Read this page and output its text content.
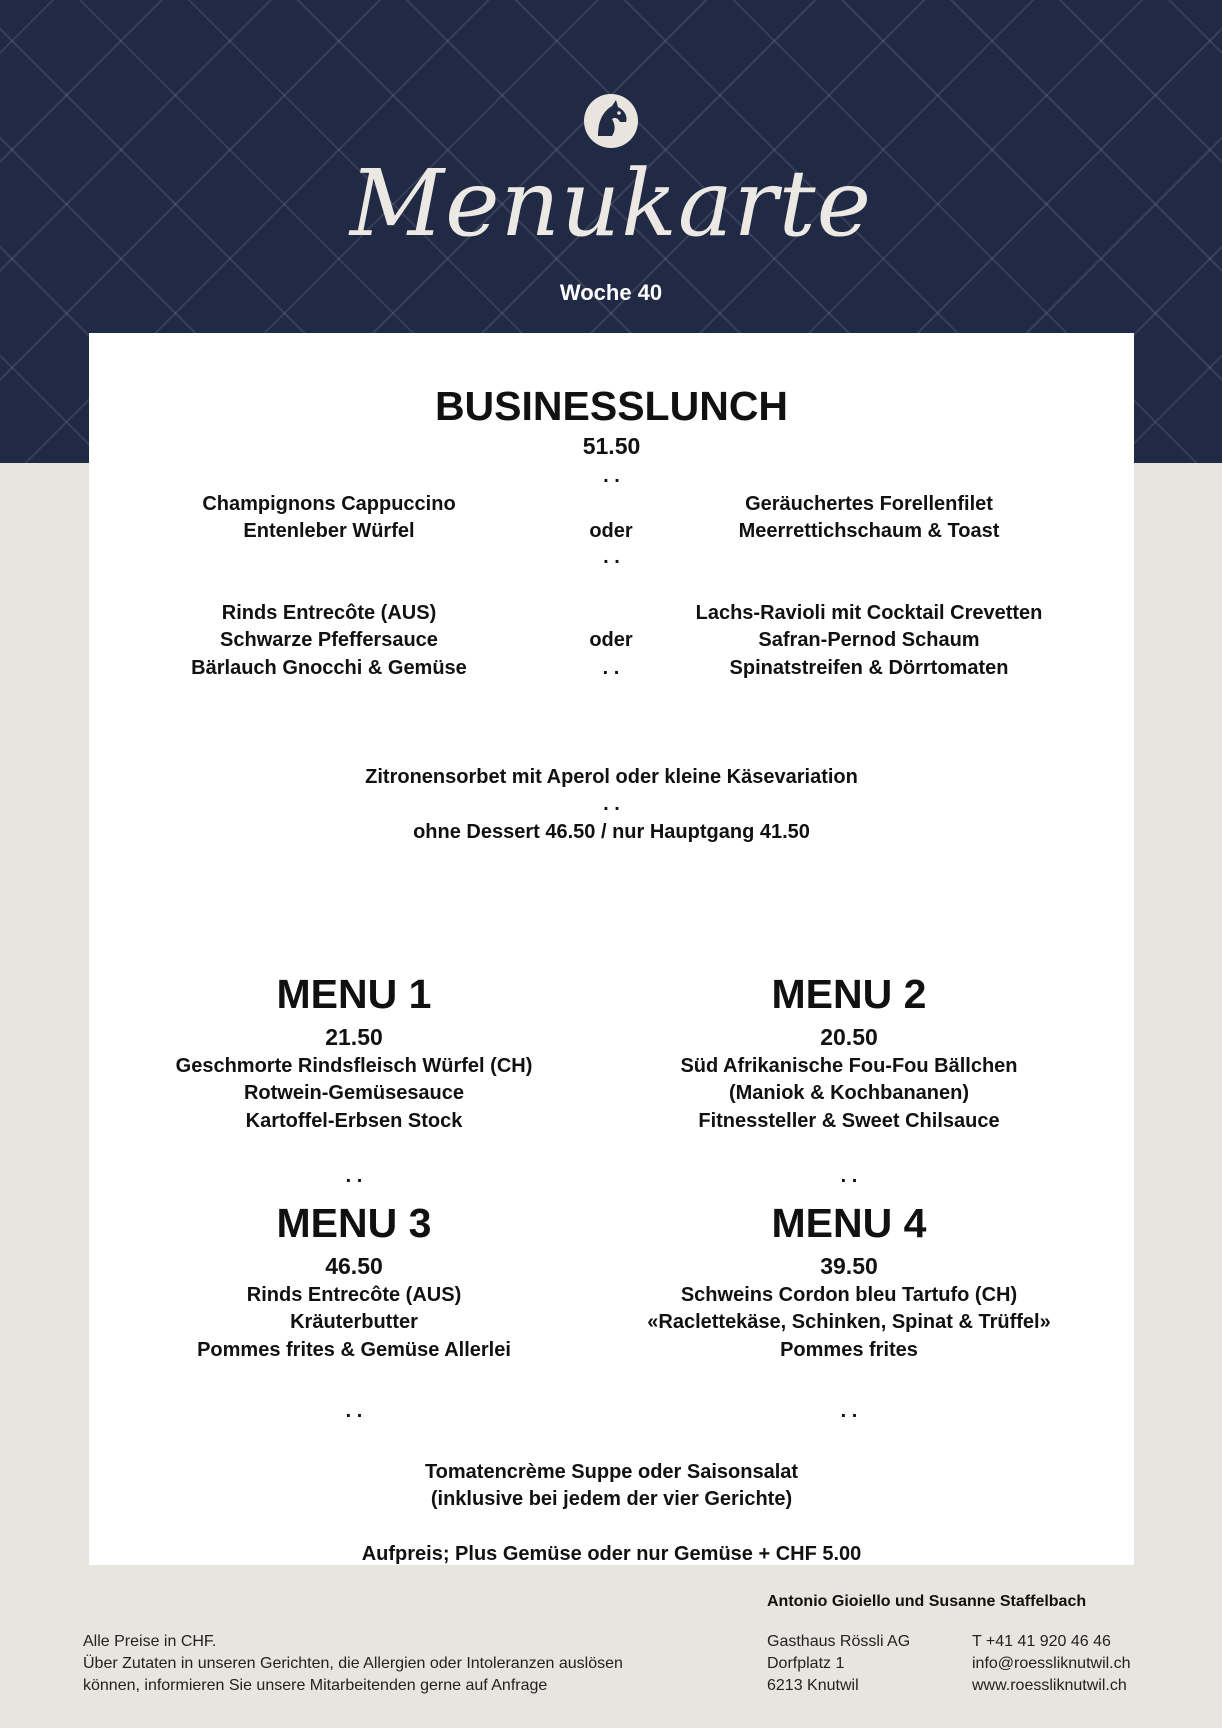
Menukarte
Woche 40
BUSINESSLUNCH
51.50
. .
Champignons Cappuccino
Entenleber Würfel	oder
Geräuchertes Forellenfilet
Meerrettichschaum & Toast
. .
Rinds Entrecôte (AUS)
Schwarze Pfeffersauce
Bärlauch Gnocchi & Gemüse
oder
. .
Lachs-Ravioli mit Cocktail Crevetten
Safran-Pernod Schaum
Spinatstreifen & Dörrtomaten
Zitronensorbet mit Aperol oder kleine Käsevariation
. .
ohne Dessert 46.50 / nur Hauptgang 41.50
MENU 1
21.50
Geschmorte Rindsfleisch Würfel (CH)
Rotwein-Gemüsesauce
Kartoffel-Erbsen Stock
. .
MENU 2
20.50
Süd Afrikanische Fou-Fou Bällchen
(Maniok & Kochbananen)
Fitnessteller & Sweet Chilsauce
. .
MENU 3
46.50
Rinds Entrecôte (AUS)
Kräuterbutter
Pommes frites & Gemüse Allerlei
. .
MENU 4
39.50
Schweins Cordon bleu Tartufo (CH)
«Raclettekäse, Schinken, Spinat & Trüffel»
Pommes frites
. .
Tomatencrème Suppe oder Saisonsalat
(inklusive bei jedem der vier Gerichte)
Aufpreis; Plus Gemüse oder nur Gemüse + CHF 5.00
Antonio Gioiello und Susanne Staffelbach
Alle Preise in CHF.
Über Zutaten in unseren Gerichten, die Allergien oder Intoleranzen auslösen
können, informieren Sie unsere Mitarbeitenden gerne auf Anfrage
Gasthaus Rössli AG
Dorfplatz 1
6213 Knutwil
T +41 41 920 46 46
info@roessliknutwil.ch
www.roessliknutwil.ch
